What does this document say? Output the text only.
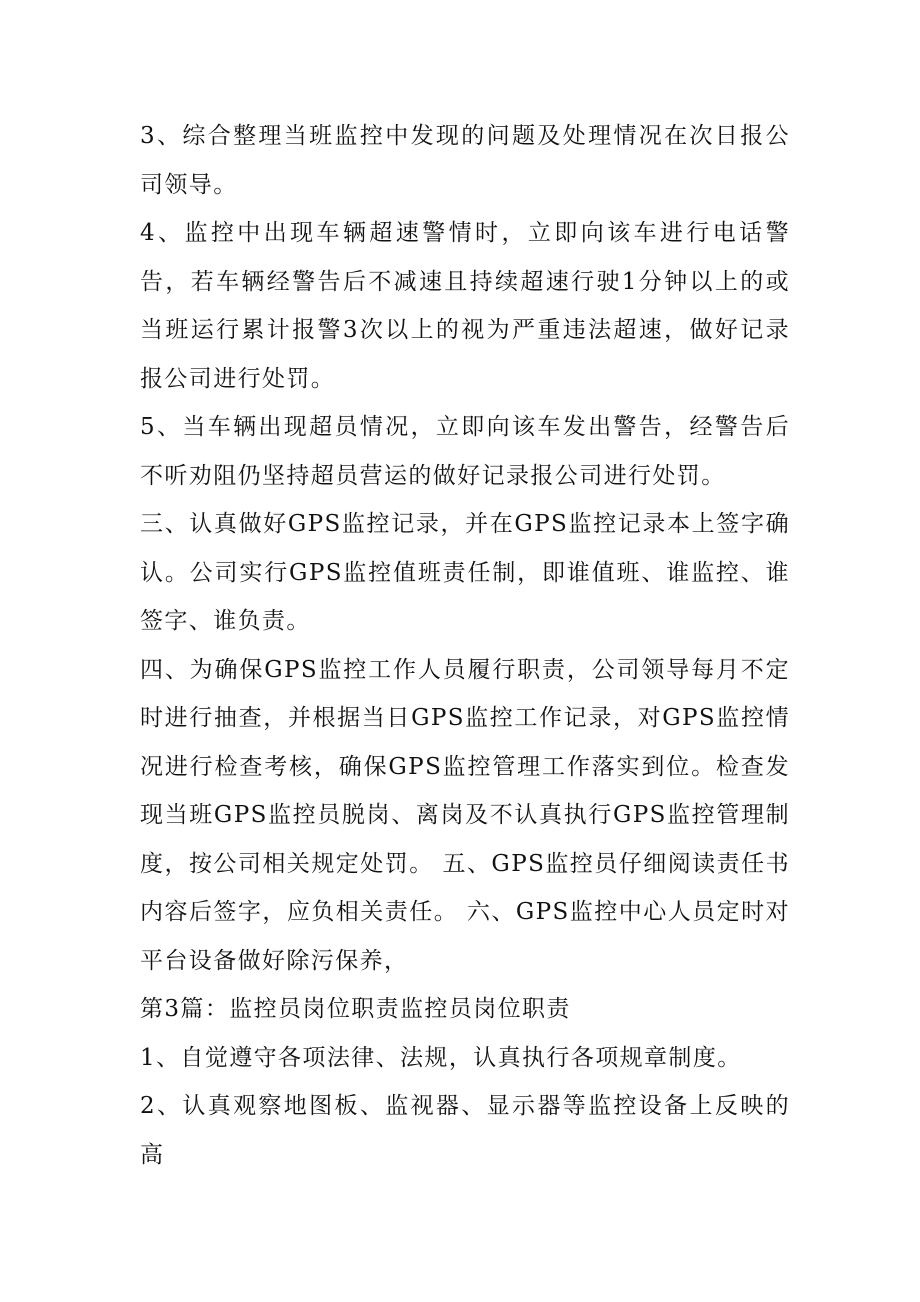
3、综合整理当班监控中发现的问题及处理情况在次日报公司领导。

4、监控中出现车辆超速警情时，立即向该车进行电话警告，若车辆经警告后不减速且持续超速行驶1分钟以上的或当班运行累计报警3次以上的视为严重违法超速，做好记录报公司进行处罚。

5、当车辆出现超员情况，立即向该车发出警告，经警告后不听劝阻仍坚持超员营运的做好记录报公司进行处罚。

三、认真做好GPS监控记录，并在GPS监控记录本上签字确认。公司实行GPS监控值班责任制，即谁值班、谁监控、谁签字、谁负责。

四、为确保GPS监控工作人员履行职责，公司领导每月不定时进行抽查，并根据当日GPS监控工作记录，对GPS监控情况进行检查考核，确保GPS监控管理工作落实到位。检查发现当班GPS监控员脱岗、离岗及不认真执行GPS监控管理制度，按公司相关规定处罚。 五、GPS监控员仔细阅读责任书内容后签字，应负相关责任。 六、GPS监控中心人员定时对平台设备做好除污保养，

第3篇：监控员岗位职责监控员岗位职责

1、自觉遵守各项法律、法规，认真执行各项规章制度。

2、认真观察地图板、监视器、显示器等监控设备上反映的高
